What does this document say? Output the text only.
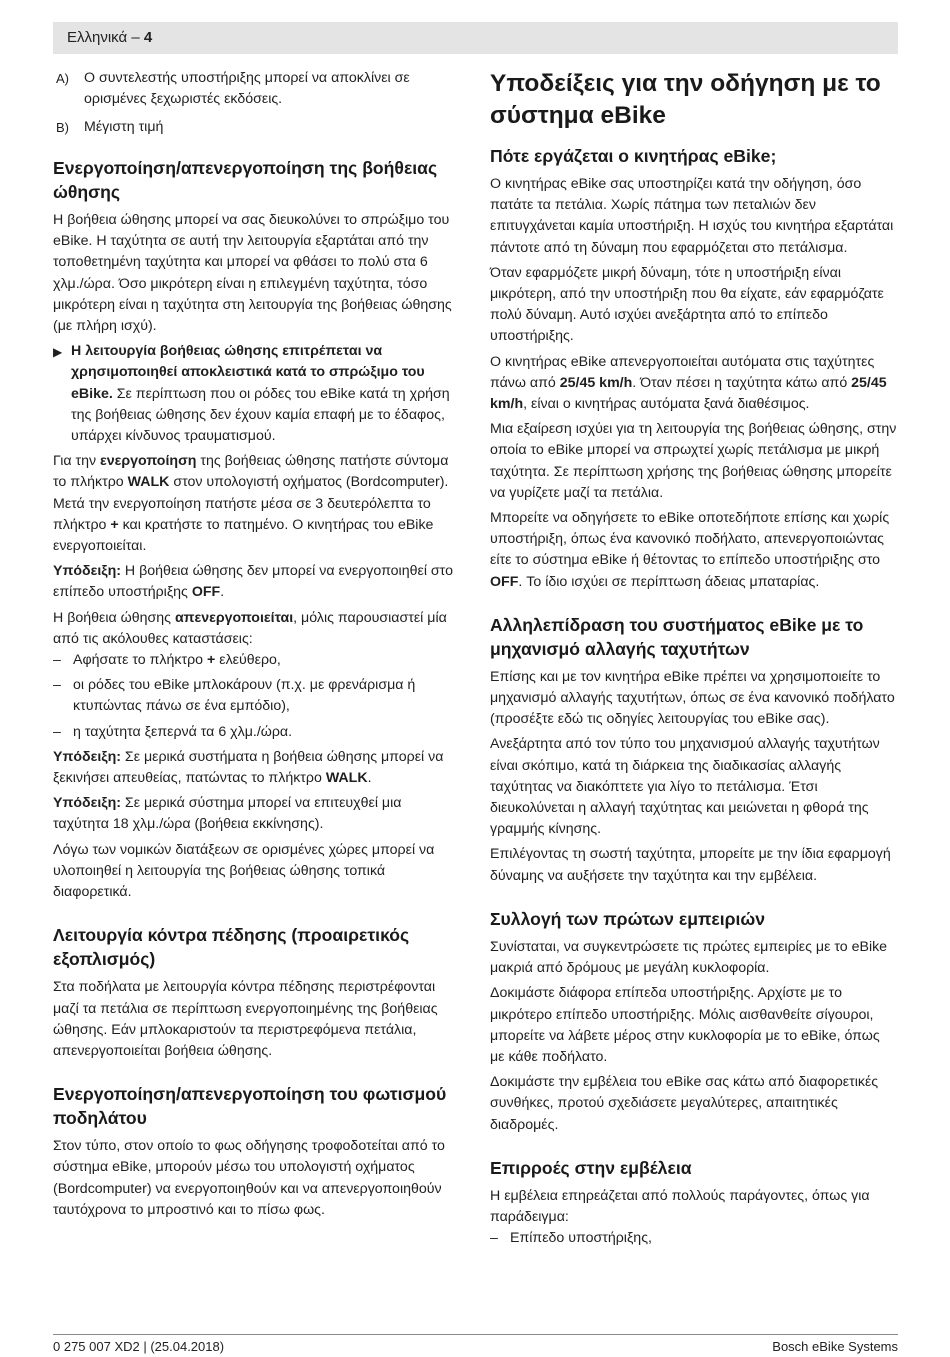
Ελληνικά – 4
A)	Ο συντελεστής υποστήριξης μπορεί να αποκλίνει σε ορισμένες ξεχωριστές εκδόσεις.
B)	Μέγιστη τιμή
Ενεργοποίηση/απενεργοποίηση της βοήθειας ώθησης

Η βοήθεια ώθησης μπορεί να σας διευκολύνει το σπρώξιμο του eBike. Η ταχύτητα σε αυτή την λειτουργία εξαρτάται από την τοποθετημένη ταχύτητα και μπορεί να φθάσει το πολύ στα 6 χλμ./ώρα. Όσο μικρότερη είναι η επιλεγμένη ταχύτητα, τόσο μικρότερη είναι η ταχύτητα στη λειτουργία της βοήθειας ώθησης (με πλήρη ισχύ).

▶ Η λειτουργία βοήθειας ώθησης επιτρέπεται να χρησιμοποιηθεί αποκλειστικά κατά το σπρώξιμο του eBike. Σε περίπτωση που οι ρόδες του eBike κατά τη χρήση της βοήθειας ώθησης δεν έχουν καμία επαφή με το έδαφος, υπάρχει κίνδυνος τραυματισμού.

Για την ενεργοποίηση της βοήθειας ώθησης πατήστε σύντομα το πλήκτρο WALK στον υπολογιστή οχήματος (Bordcomputer). Μετά την ενεργοποίηση πατήστε μέσα σε 3 δευτερόλεπτα το πλήκτρο + και κρατήστε το πατημένο. Ο κινητήρας του eBike ενεργοποιείται.

Υπόδειξη: Η βοήθεια ώθησης δεν μπορεί να ενεργοποιηθεί στο επίπεδο υποστήριξης OFF.

Η βοήθεια ώθησης απενεργοποιείται, μόλις παρουσιαστεί μία από τις ακόλουθες καταστάσεις:

– Αφήσατε το πλήκτρο + ελεύθερο,
– οι ρόδες του eBike μπλοκάρουν (π.χ. με φρενάρισμα ή κτυπώντας πάνω σε ένα εμπόδιο),
– η ταχύτητα ξεπερνά τα 6 χλμ./ώρα.

Υπόδειξη: Σε μερικά συστήματα η βοήθεια ώθησης μπορεί να ξεκινήσει απευθείας, πατώντας το πλήκτρο WALK.

Υπόδειξη: Σε μερικά σύστημα μπορεί να επιτευχθεί μια ταχύτητα 18 χλμ./ώρα (βοήθεια εκκίνησης).

Λόγω των νομικών διατάξεων σε ορισμένες χώρες μπορεί να υλοποιηθεί η λειτουργία της βοήθειας ώθησης τοπικά διαφορετικά.

Λειτουργία κόντρα πέδησης (προαιρετικός εξοπλισμός)

Στα ποδήλατα με λειτουργία κόντρα πέδησης περιστρέφονται μαζί τα πετάλια σε περίπτωση ενεργοποιημένης της βοήθειας ώθησης. Εάν μπλοκαριστούν τα περιστρεφόμενα πετάλια, απενεργοποιείται βοήθεια ώθησης.

Ενεργοποίηση/απενεργοποίηση του φωτισμού ποδηλάτου

Στον τύπο, στον οποίο το φως οδήγησης τροφοδοτείται από το σύστημα eBike, μπορούν μέσω του υπολογιστή οχήματος (Bordcomputer) να ενεργοποιηθούν και να απενεργοποιηθούν ταυτόχρονα το μπροστινό και το πίσω φως.

Υποδείξεις για την οδήγηση με το σύστημα eBike
Πότε εργάζεται ο κινητήρας eBike;

Ο κινητήρας eBike σας υποστηρίζει κατά την οδήγηση, όσο πατάτε τα πετάλια. Χωρίς πάτημα των πεταλιών δεν επιτυγχάνεται καμία υποστήριξη. Η ισχύς του κινητήρα εξαρτάται πάντοτε από τη δύναμη που εφαρμόζεται στο πετάλισμα.

Όταν εφαρμόζετε μικρή δύναμη, τότε η υποστήριξη είναι μικρότερη, από την υποστήριξη που θα είχατε, εάν εφαρμόζατε πολύ δύναμη. Αυτό ισχύει ανεξάρτητα από το επίπεδο υποστήριξης.

Ο κινητήρας eBike απενεργοποιείται αυτόματα στις ταχύτητες πάνω από 25/45 km/h. Όταν πέσει η ταχύτητα κάτω από 25/45 km/h, είναι ο κινητήρας αυτόματα ξανά διαθέσιμος.

Μια εξαίρεση ισχύει για τη λειτουργία της βοήθειας ώθησης, στην οποία το eBike μπορεί να σπρωχτεί χωρίς πετάλισμα με μικρή ταχύτητα. Σε περίπτωση χρήσης της βοήθειας ώθησης μπορείτε να γυρίζετε μαζί τα πετάλια.

Μπορείτε να οδηγήσετε το eBike οποτεδήποτε επίσης και χωρίς υποστήριξη, όπως ένα κανονικό ποδήλατο, απενεργοποιώντας είτε το σύστημα eBike ή θέτοντας το επίπεδο υποστήριξης στο OFF. Το ίδιο ισχύει σε περίπτωση άδειας μπαταρίας.

Αλληλεπίδραση του συστήματος eBike με το μηχανισμό αλλαγής ταχυτήτων

Επίσης και με τον κινητήρα eBike πρέπει να χρησιμοποιείτε το μηχανισμό αλλαγής ταχυτήτων, όπως σε ένα κανονικό ποδήλατο (προσέξτε εδώ τις οδηγίες λειτουργίας του eBike σας).

Ανεξάρτητα από τον τύπο του μηχανισμού αλλαγής ταχυτήτων είναι σκόπιμο, κατά τη διάρκεια της διαδικασίας αλλαγής ταχύτητας να διακόπτετε για λίγο το πετάλισμα. Έτσι διευκολύνεται η αλλαγή ταχύτητας και μειώνεται η φθορά της γραμμής κίνησης.

Επιλέγοντας τη σωστή ταχύτητα, μπορείτε με την ίδια εφαρμογή δύναμης να αυξήσετε την ταχύτητα και την εμβέλεια.

Συλλογή των πρώτων εμπειριών

Συνίσταται, να συγκεντρώσετε τις πρώτες εμπειρίες με το eBike μακριά από δρόμους με μεγάλη κυκλοφορία.

Δοκιμάστε διάφορα επίπεδα υποστήριξης. Αρχίστε με το μικρότερο επίπεδο υποστήριξης. Μόλις αισθανθείτε σίγουροι, μπορείτε να λάβετε μέρος στην κυκλοφορία με το eBike, όπως με κάθε ποδήλατο.

Δοκιμάστε την εμβέλεια του eBike σας κάτω από διαφορετικές συνθήκες, προτού σχεδιάσετε μεγαλύτερες, απαιτητικές διαδρομές.

Επιρροές στην εμβέλεια

Η εμβέλεια επηρεάζεται από πολλούς παράγοντες, όπως για παράδειγμα:

– Επίπεδο υποστήριξης,
0 275 007 XD2 | (25.04.2018)	Bosch eBike Systems
